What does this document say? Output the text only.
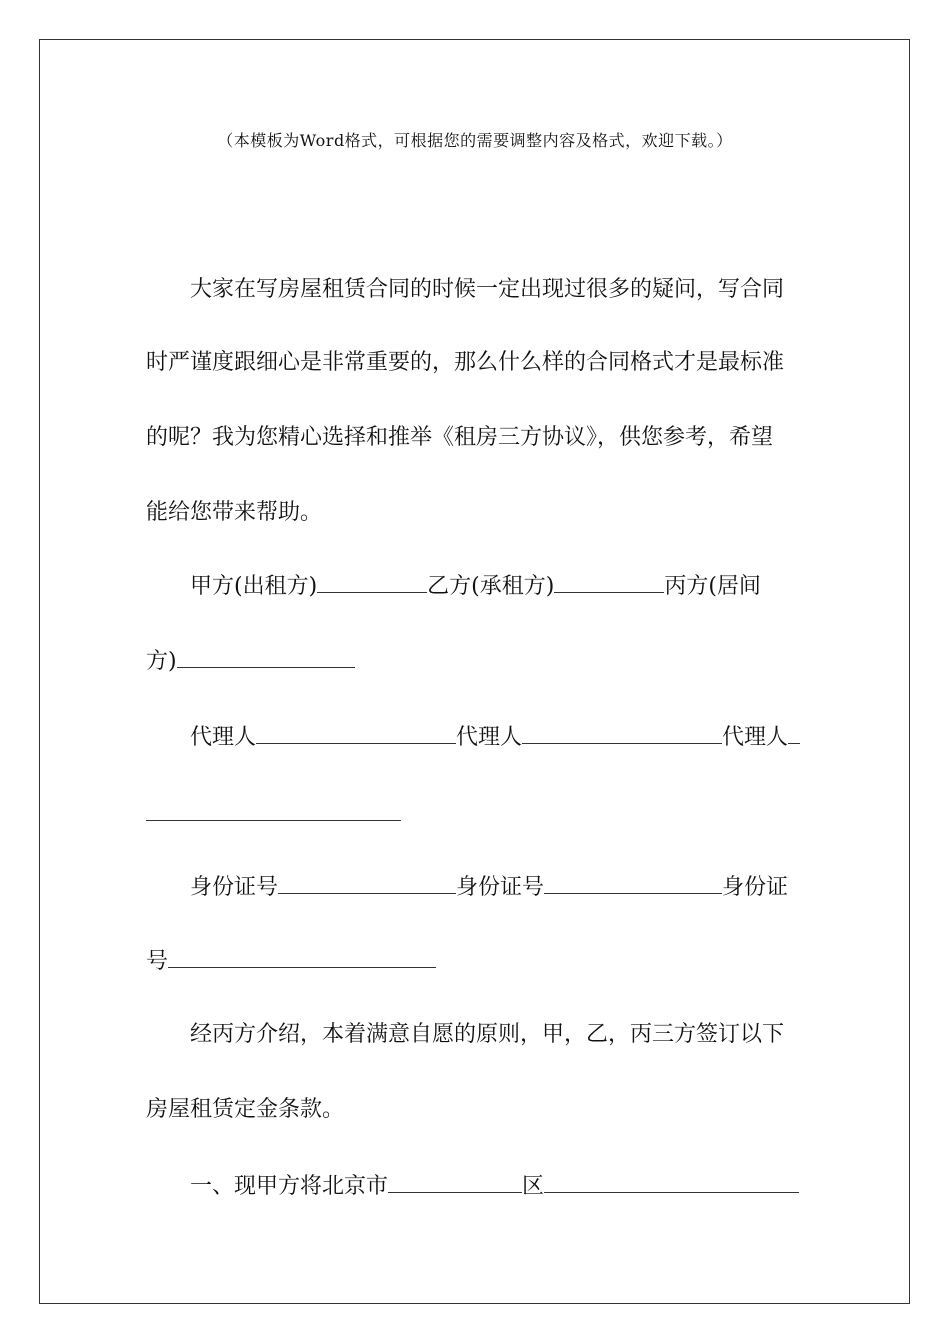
（本模板为Word格式，可根据您的需要调整内容及格式，欢迎下载。）
大家在写房屋租赁合同的时候一定出现过很多的疑问，写合同
时严谨度跟细心是非常重要的，那么什么样的合同格式才是最标准
的呢？我为您精心选择和推举《租房三方协议》，供您参考，希望
能给您带来帮助。
甲方(出租方)	乙方(承租方)	丙方(居间
方)
代理人	代理人	代理人
身份证号	身份证号	身份证
号
经丙方介绍，本着满意自愿的原则，甲，乙，丙三方签订以下
房屋租赁定金条款。
一、现甲方将北京市	区
